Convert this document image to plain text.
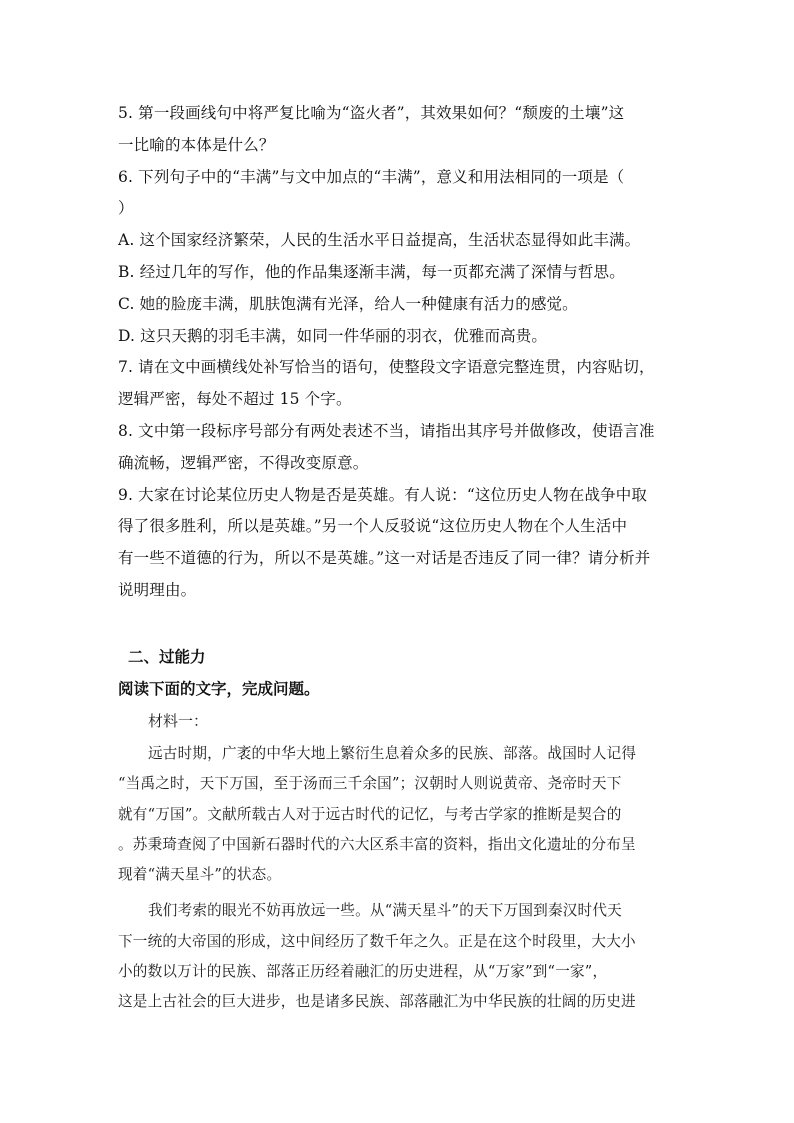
5. 第一段画线句中将严复比喻为“盗火者”，其效果如何？“颓废的土壤”这
一比喻的本体是什么？
6. 下列句子中的“丰满”与文中加点的“丰满”，意义和用法相同的一项是（
）
A. 这个国家经济繁荣，人民的生活水平日益提高，生活状态显得如此丰满。
B. 经过几年的写作，他的作品集逐渐丰满，每一页都充满了深情与哲思。
C. 她的脸庞丰满，肌肤饱满有光泽，给人一种健康有活力的感觉。
D. 这只天鹅的羽毛丰满，如同一件华丽的羽衣，优雅而高贵。
7. 请在文中画横线处补写恰当的语句，使整段文字语意完整连贯，内容贴切，
逻辑严密，每处不超过 15 个字。
8. 文中第一段标序号部分有两处表述不当，请指出其序号并做修改，使语言准
确流畅，逻辑严密，不得改变原意。
9. 大家在讨论某位历史人物是否是英雄。有人说：“这位历史人物在战争中取
得了很多胜利，所以是英雄。”另一个人反驳说“这位历史人物在个人生活中
有一些不道德的行为，所以不是英雄。”这一对话是否违反了同一律？请分析并
说明理由。
二、过能力
阅读下面的文字，完成问题。
材料一：
远古时期，广袤的中华大地上繁衍生息着众多的民族、部落。战国时人记得
“当禹之时，天下万国，至于汤而三千余国”；汉朝时人则说黄帝、尧帝时天下
就有“万国”。文献所载古人对于远古时代的记忆，与考古学家的推断是契合的
。苏秉琦查阅了中国新石器时代的六大区系丰富的资料，指出文化遗址的分布呈
现着“满天星斗”的状态。
我们考索的眼光不妨再放远一些。从“满天星斗”的天下万国到秦汉时代天
下一统的大帝国的形成，这中间经历了数千年之久。正是在这个时段里，大大小
小的数以万计的民族、部落正历经着融汇的历史进程，从“万家”到“一家”，
这是上古社会的巨大进步，也是诸多民族、部落融汇为中华民族的壮阔的历史进
